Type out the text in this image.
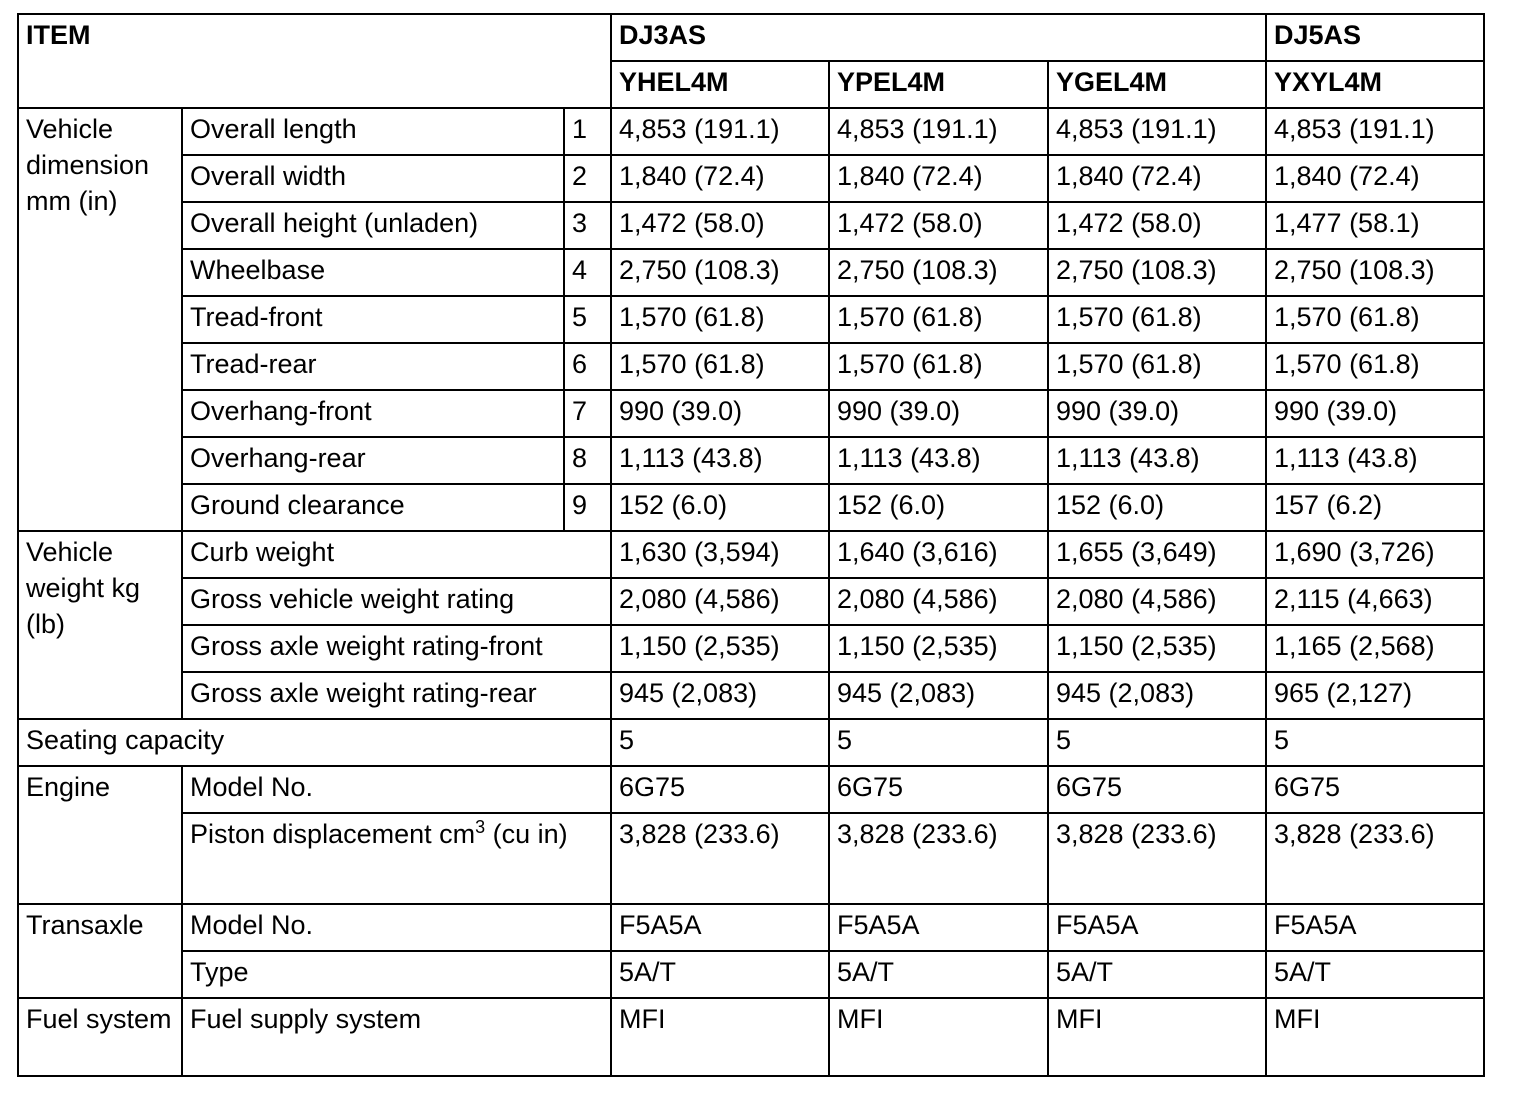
ITEM			DJ3AS			DJ5AS
			YHEL4M	YPEL4M	YGEL4M	YXYL4M
Vehicle dimension mm (in)	Overall length	1	4,853 (191.1)	4,853 (191.1)	4,853 (191.1)	4,853 (191.1)
	Overall width	2	1,840 (72.4)	1,840 (72.4)	1,840 (72.4)	1,840 (72.4)
	Overall height (unladen)	3	1,472 (58.0)	1,472 (58.0)	1,472 (58.0)	1,477 (58.1)
	Wheelbase	4	2,750 (108.3)	2,750 (108.3)	2,750 (108.3)	2,750 (108.3)
	Tread-front	5	1,570 (61.8)	1,570 (61.8)	1,570 (61.8)	1,570 (61.8)
	Tread-rear	6	1,570 (61.8)	1,570 (61.8)	1,570 (61.8)	1,570 (61.8)
	Overhang-front	7	990 (39.0)	990 (39.0)	990 (39.0)	990 (39.0)
	Overhang-rear	8	1,113 (43.8)	1,113 (43.8)	1,113 (43.8)	1,113 (43.8)
	Ground clearance	9	152 (6.0)	152 (6.0)	152 (6.0)	157 (6.2)
Vehicle weight kg (lb)	Curb weight		1,630 (3,594)	1,640 (3,616)	1,655 (3,649)	1,690 (3,726)
	Gross vehicle weight rating		2,080 (4,586)	2,080 (4,586)	2,080 (4,586)	2,115 (4,663)
	Gross axle weight rating-front		1,150 (2,535)	1,150 (2,535)	1,150 (2,535)	1,165 (2,568)
	Gross axle weight rating-rear		945 (2,083)	945 (2,083)	945 (2,083)	965 (2,127)
Seating capacity			5	5	5	5
Engine	Model No.		6G75	6G75	6G75	6G75
	Piston displacement $cm^3$ (cu in)		3,828 (233.6)	3,828 (233.6)	3,828 (233.6)	3,828 (233.6)
Transaxle	Model No.		F5A5A	F5A5A	F5A5A	F5A5A
	Type		5A/T	5A/T	5A/T	5A/T
Fuel system	Fuel supply system		MFI	MFI	MFI	MFI
